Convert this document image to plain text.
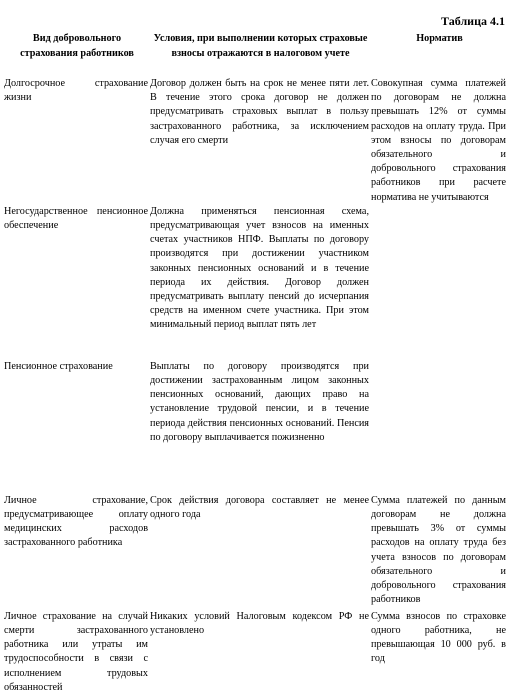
Таблица 4.1
Вид добровольного страхования работников	Условия, при выполнении которых страховые взносы отражаются в налоговом учете	Норматив
Долгосрочное страхование жизни	Договор должен быть на срок не менее пяти лет. В течение этого срока договор не должен предусматривать страховых выплат в пользу застрахованного работника, за исключением случая его смерти	Совокупная сумма платежей по договорам не должна превышать 12% от суммы расходов на оплату труда. При этом взносы по договорам обязательного и добровольного страхования работников при расчете норматива не учитываются
Негосударственное пенсионное обеспечение	Должна применяться пенсионная схема, предусматривающая учет взносов на именных счетах участников НПФ. Выплаты по договору производятся при достижении участником законных пенсионных оснований и в течение периода их действия. Договор должен предусматривать выплату пенсий до исчерпания средств на именном счете участника. При этом минимальный период выплат пять лет	
Пенсионное страхование	Выплаты по договору производятся при достижении застрахованным лицом законных пенсионных оснований, дающих право на установление трудовой пенсии, и в течение периода действия пенсионных оснований. Пенсия по договору выплачивается пожизненно	
Личное страхование, предусматривающее оплату медицинских расходов застрахованного работника	Срок действия договора составляет не менее одного года	Сумма платежей по данным договорам не должна превышать 3% от суммы расходов на оплату труда без учета взносов по договорам обязательного и добровольного страхования работников
Личное страхование на случай смерти застрахованного работника или утраты им трудоспособности в связи с исполнением трудовых обязанностей	Никаких условий Налоговым кодексом РФ не установлено	Сумма взносов по страховке одного работника, не превышающая 10 000 руб. в год
